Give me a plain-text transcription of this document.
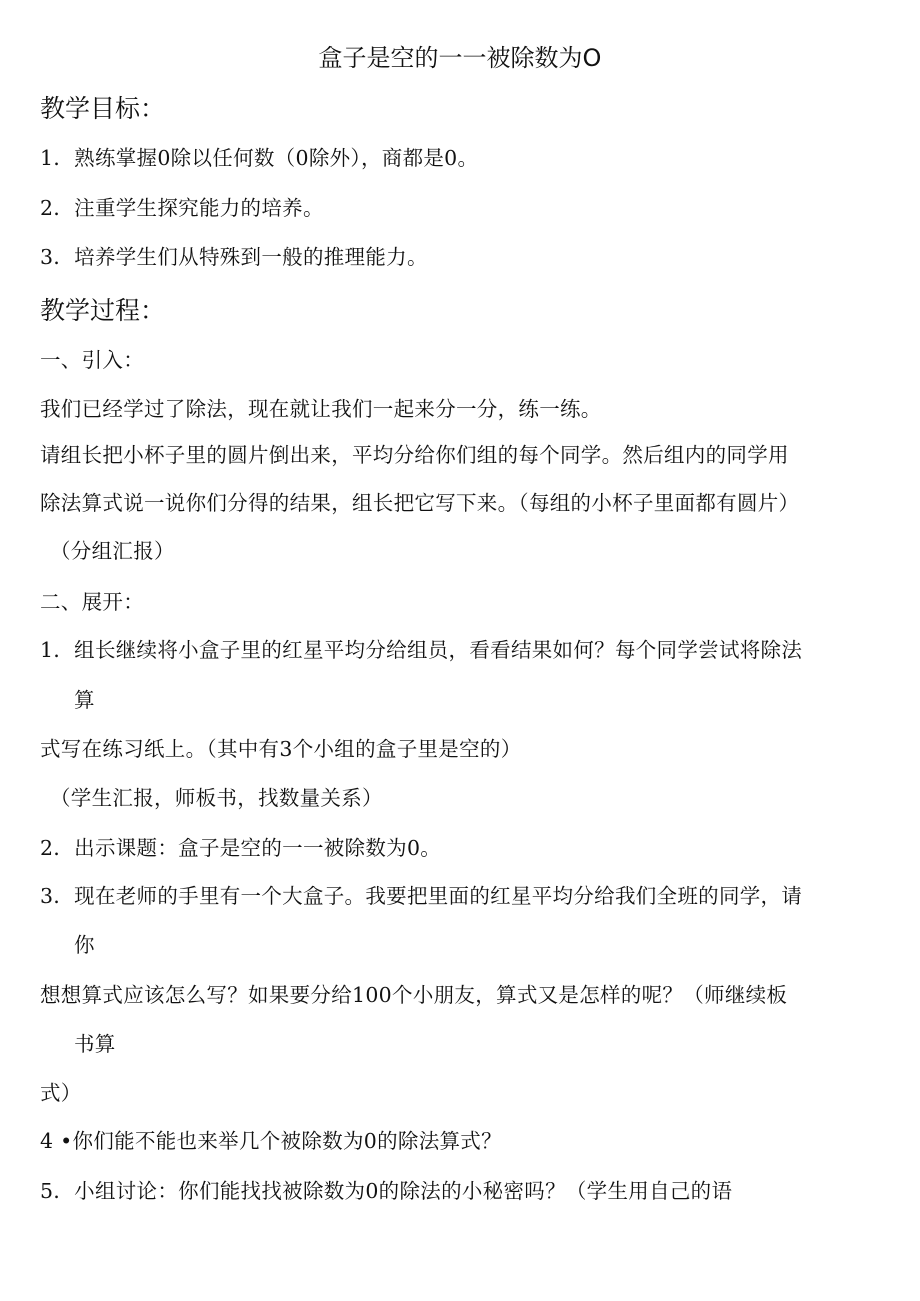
盒子是空的一一被除数为O
教学目标：
1．熟练掌握0除以任何数（0除外），商都是0。
2．注重学生探究能力的培养。
3．培养学生们从特殊到一般的推理能力。
教学过程：
一、引入：
我们已经学过了除法，现在就让我们一起来分一分，练一练。
请组长把小杯子里的圆片倒出来，平均分给你们组的每个同学。然后组内的同学用
除法算式说一说你们分得的结果，组长把它写下来。（每组的小杯子里面都有圆片）
（分组汇报）
二、展开：
1．组长继续将小盒子里的红星平均分给组员，看看结果如何？每个同学尝试将除法
算
式写在练习纸上。（其中有3个小组的盒子里是空的）
（学生汇报，师板书，找数量关系）
2．出示课题：盒子是空的一一被除数为0。
3．现在老师的手里有一个大盒子。我要把里面的红星平均分给我们全班的同学，请
你
想想算式应该怎么写？如果要分给100个小朋友，算式又是怎样的呢？（师继续板
书算
式）
4 •你们能不能也来举几个被除数为0的除法算式？
5．小组讨论：你们能找找被除数为0的除法的小秘密吗？（学生用自己的语
